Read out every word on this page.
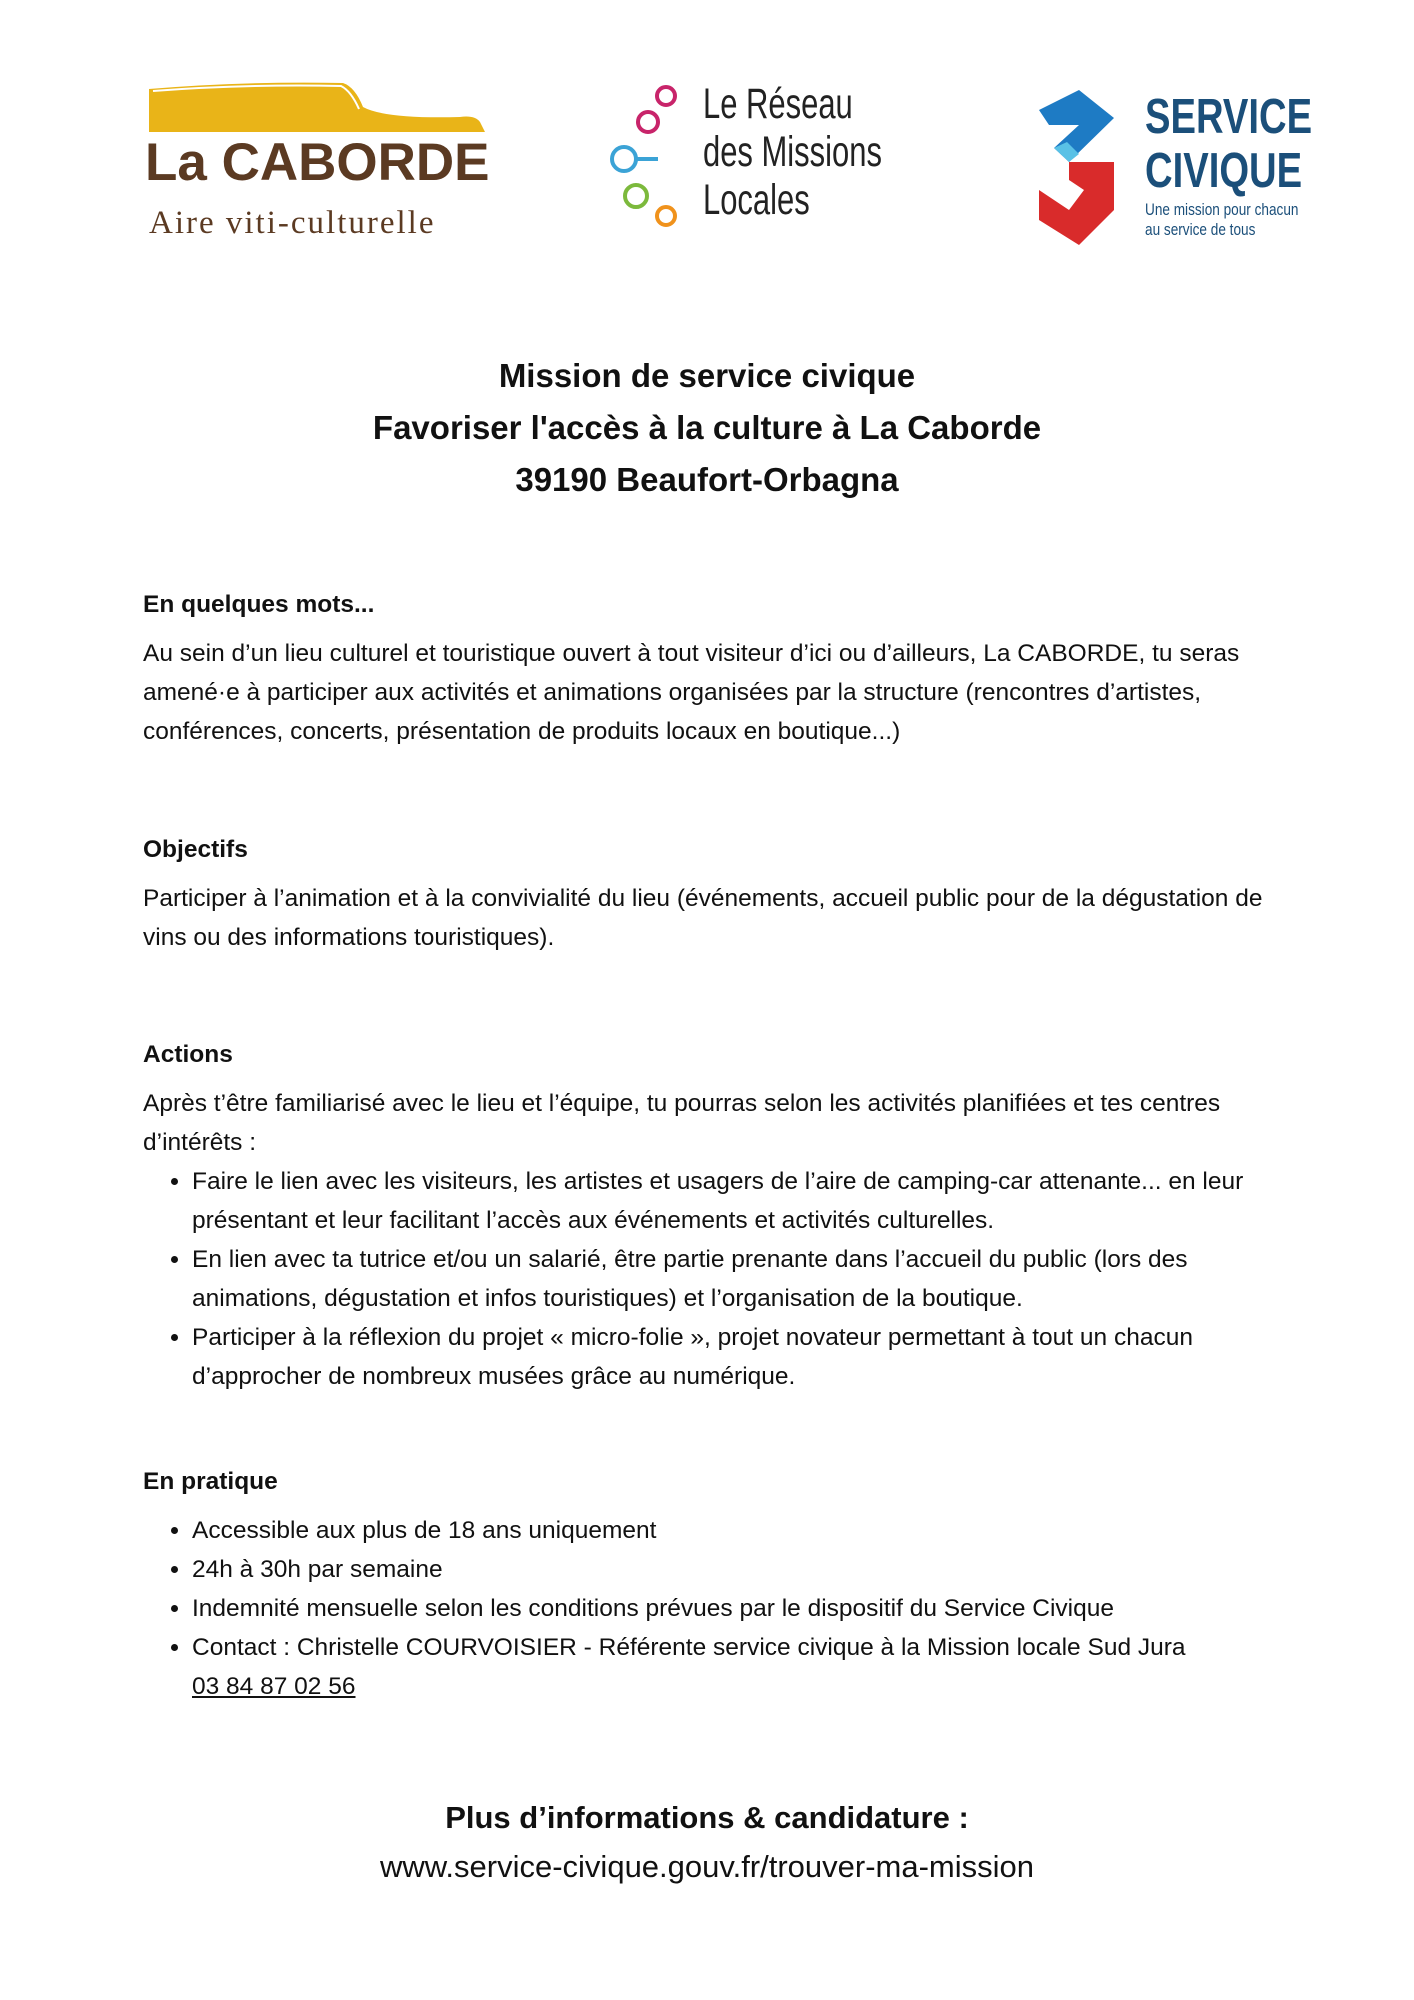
La CABORDE
Aire viti-culturelle
Le Réseau
des Missions
Locales
SERVICE
CIVIQUE
Une mission pour chacun
au service de tous
Mission de service civique
Favoriser l'accès à la culture à La Caborde
39190 Beaufort-Orbagna
En quelques mots...

Au sein d’un lieu culturel et touristique ouvert à tout visiteur d’ici ou d’ailleurs, La CABORDE, tu seras amené·e à participer aux activités et animations organisées par la structure (rencontres d’artistes, conférences, concerts, présentation de produits locaux en boutique...)

Objectifs

Participer à l’animation et à la convivialité du lieu (événements, accueil public pour de la dégustation de vins ou des informations touristiques).

Actions

Après t’être familiarisé avec le lieu et l’équipe, tu pourras selon les activités planifiées et tes centres d’intérêts :

• Faire le lien avec les visiteurs, les artistes et usagers de l’aire de camping-car attenante... en leur présentant et leur facilitant l’accès aux événements et activités culturelles.
• En lien avec ta tutrice et/ou un salarié, être partie prenante dans l’accueil du public (lors des animations, dégustation et infos touristiques) et l’organisation de la boutique.
• Participer à la réflexion du projet « micro-folie », projet novateur permettant à tout un chacun d’approcher de nombreux musées grâce au numérique.
En pratique
• Accessible aux plus de 18 ans uniquement
• 24h à 30h par semaine
• Indemnité mensuelle selon les conditions prévues par le dispositif du Service Civique
• Contact : Christelle COURVOISIER - Référente service civique à la Mission locale Sud Jura
03 84 87 02 56
Plus d’informations & candidature :
www.service-civique.gouv.fr/trouver-ma-mission
